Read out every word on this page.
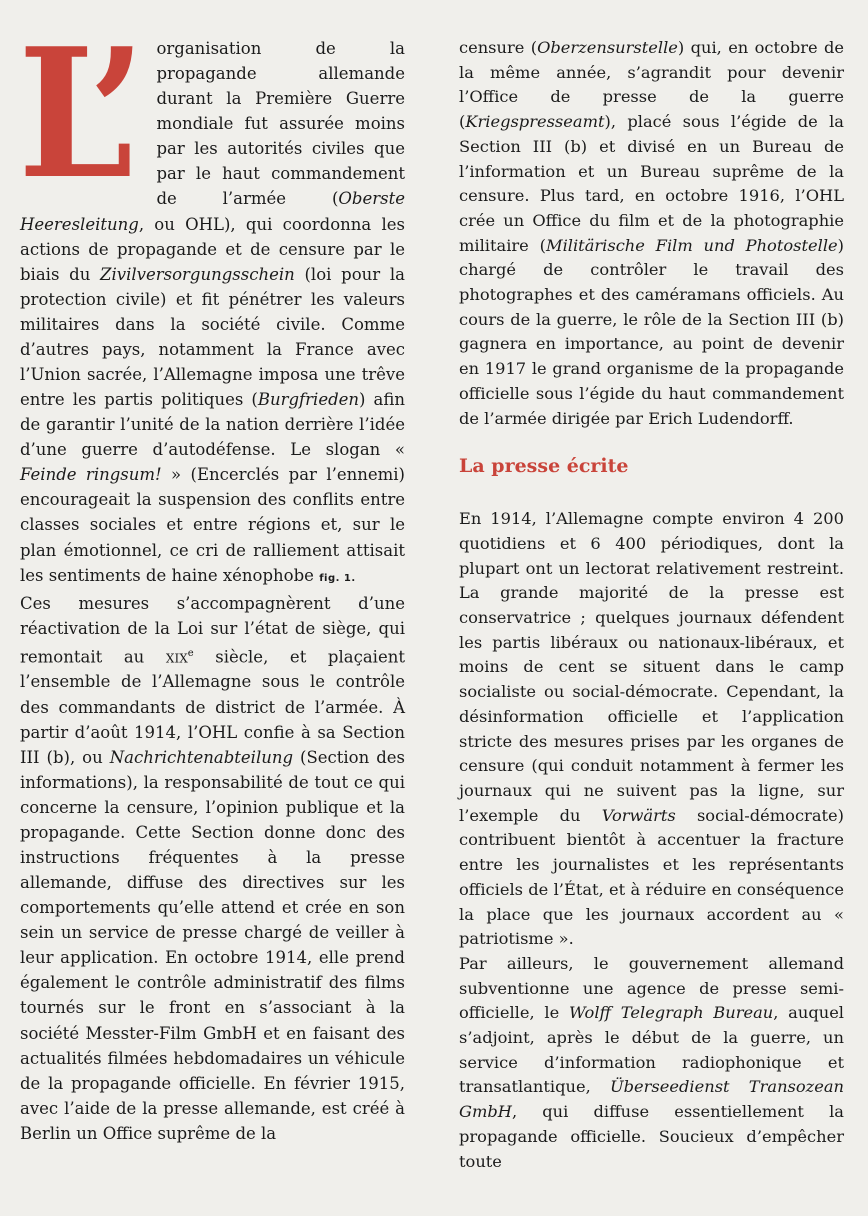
L’	organisation de la propagande allemande durant la Première Guerre mondiale fut assurée moins par les autorités civiles que par le haut commandement de l’armée (Oberste Heeresleitung, ou OHL), qui coordonna les actions de propagande et de censure par le biais du Zivilversorgungsschein (loi pour la protection civile) et fit pénétrer les valeurs militaires dans la société civile. Comme d’autres pays, notamment la France avec l’Union sacrée, l’Allemagne imposa une trêve entre les partis politiques (Burgfrieden) afin de garantir l’unité de la nation derrière l’idée d’une guerre d’autodéfense. Le slogan « Feinde ringsum! » (Encerclés par l’ennemi) encourageait la suspension des conflits entre classes sociales et entre régions et, sur le plan émotionnel, ce cri de ralliement attisait les sentiments de haine xénophobe fig. 1.

Ces mesures s’accompagnèrent d’une réactivation de la Loi sur l’état de siège, qui remontait au xix$^e$ siècle, et plaçaient l’ensemble de l’Allemagne sous le contrôle des commandants de district de l’armée. À partir d’août 1914, l’OHL confie à sa Section III (b), ou Nachrichtenabteilung (Section des informations), la responsabilité de tout ce qui concerne la censure, l’opinion publique et la propagande. Cette Section donne donc des instructions fréquentes à la presse allemande, diffuse des directives sur les comportements qu’elle attend et crée en son sein un service de presse chargé de veiller à leur application. En octobre 1914, elle prend également le contrôle administratif des films tournés sur le front en s’associant à la société Messter-Film GmbH et en faisant des actualités filmées hebdomadaires un véhicule de la propagande officielle. En février 1915, avec l’aide de la presse allemande, est créé à Berlin un Office suprême de la

censure (Oberzensurstelle) qui, en octobre de la même année, s’agrandit pour devenir l’Office de presse de la guerre (Kriegspresseamt), placé sous l’égide de la Section III (b) et divisé en un Bureau de l’information et un Bureau suprême de la censure. Plus tard, en octobre 1916, l’OHL crée un Office du film et de la photographie militaire (Militärische Film und Photostelle) chargé de contrôler le travail des photographes et des caméramans officiels. Au cours de la guerre, le rôle de la Section III (b) gagnera en importance, au point de devenir en 1917 le grand organisme de la propagande officielle sous l’égide du haut commandement de l’armée dirigée par Erich Ludendorff.

La presse écrite

En 1914, l’Allemagne compte environ 4 200 quotidiens et 6 400 périodiques, dont la plupart ont un lectorat relativement restreint. La grande majorité de la presse est conservatrice ; quelques journaux défendent les partis libéraux ou nationaux-libéraux, et moins de cent se situent dans le camp socialiste ou social-démocrate. Cependant, la désinformation officielle et l’application stricte des mesures prises par les organes de censure (qui conduit notamment à fermer les journaux qui ne suivent pas la ligne, sur l’exemple du Vorwärts social-démocrate) contribuent bientôt à accentuer la fracture entre les journalistes et les représentants officiels de l’État, et à réduire en conséquence la place que les journaux accordent au « patriotisme ».

Par ailleurs, le gouvernement allemand subventionne une agence de presse semi-officielle, le Wolff Telegraph Bureau, auquel s’adjoint, après le début de la guerre, un service d’information radiophonique et transatlantique, Überseedienst Transozean GmbH, qui diffuse essentiellement la propagande officielle. Soucieux d’empêcher toute
